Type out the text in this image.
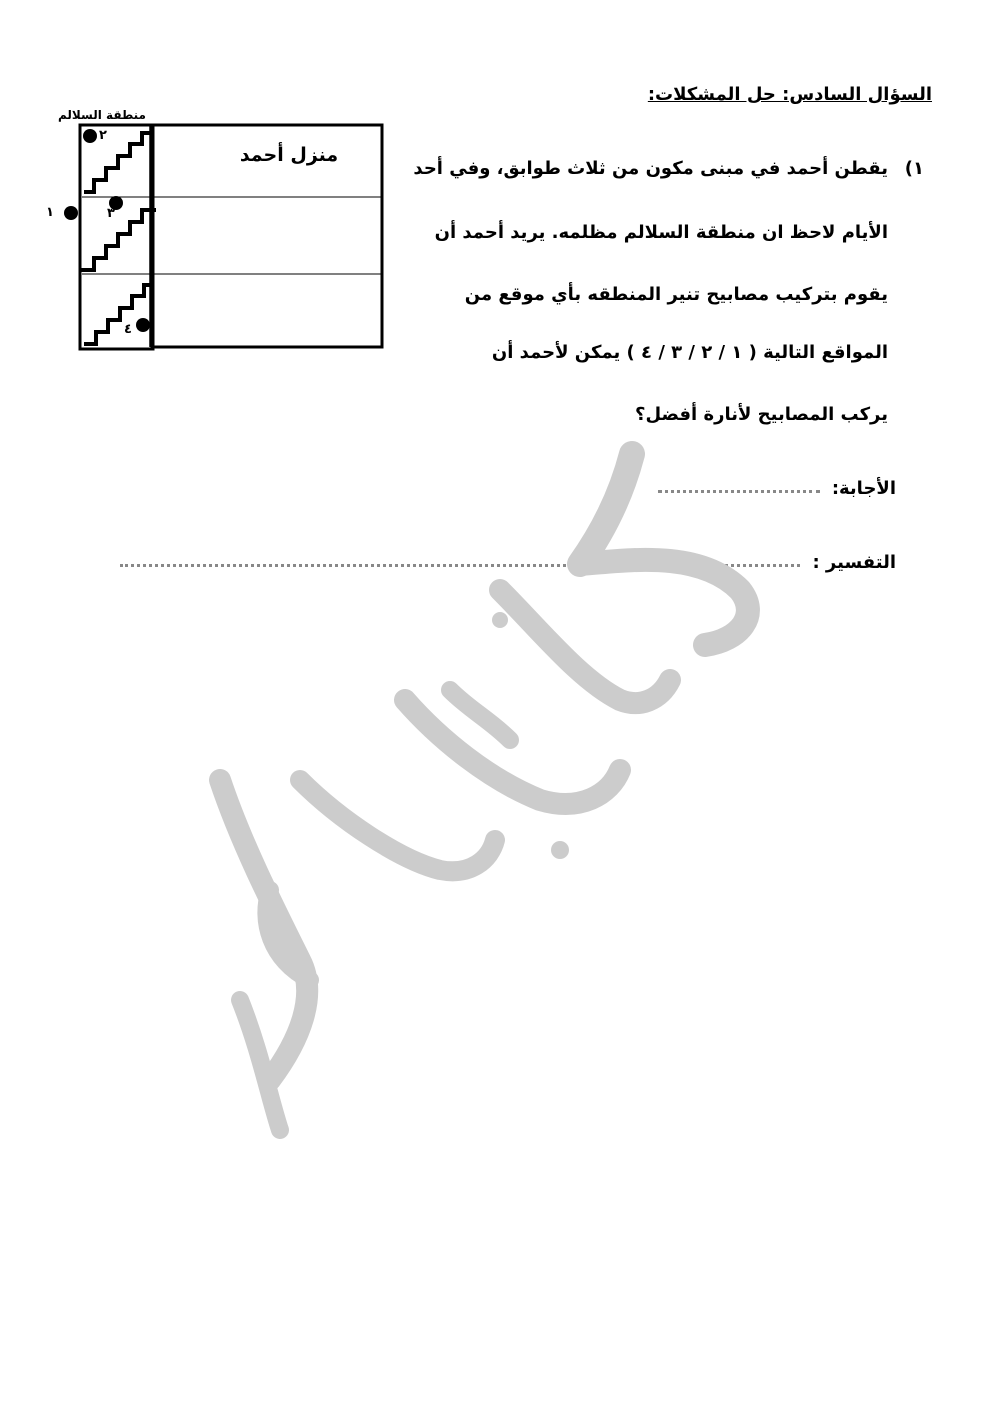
السؤال السادس: حل المشكلات:
١)
يقطن أحمد في مبنى مكون من ثلاث طوابق، وفي أحد
الأيام لاحظ ان منطقة السلالم مظلمه. يريد أحمد أن
يقوم بتركيب مصابيح تنير المنطقه بأي موقع من
المواقع التالية ( ١ / ٢ / ٣ / ٤ ) يمكن لأحمد أن
يركب المصابيح لأنارة أفضل؟
الأجابة:
التفسير :
منطقة السلالم
منزل أحمد
١
٢
٣
٤
